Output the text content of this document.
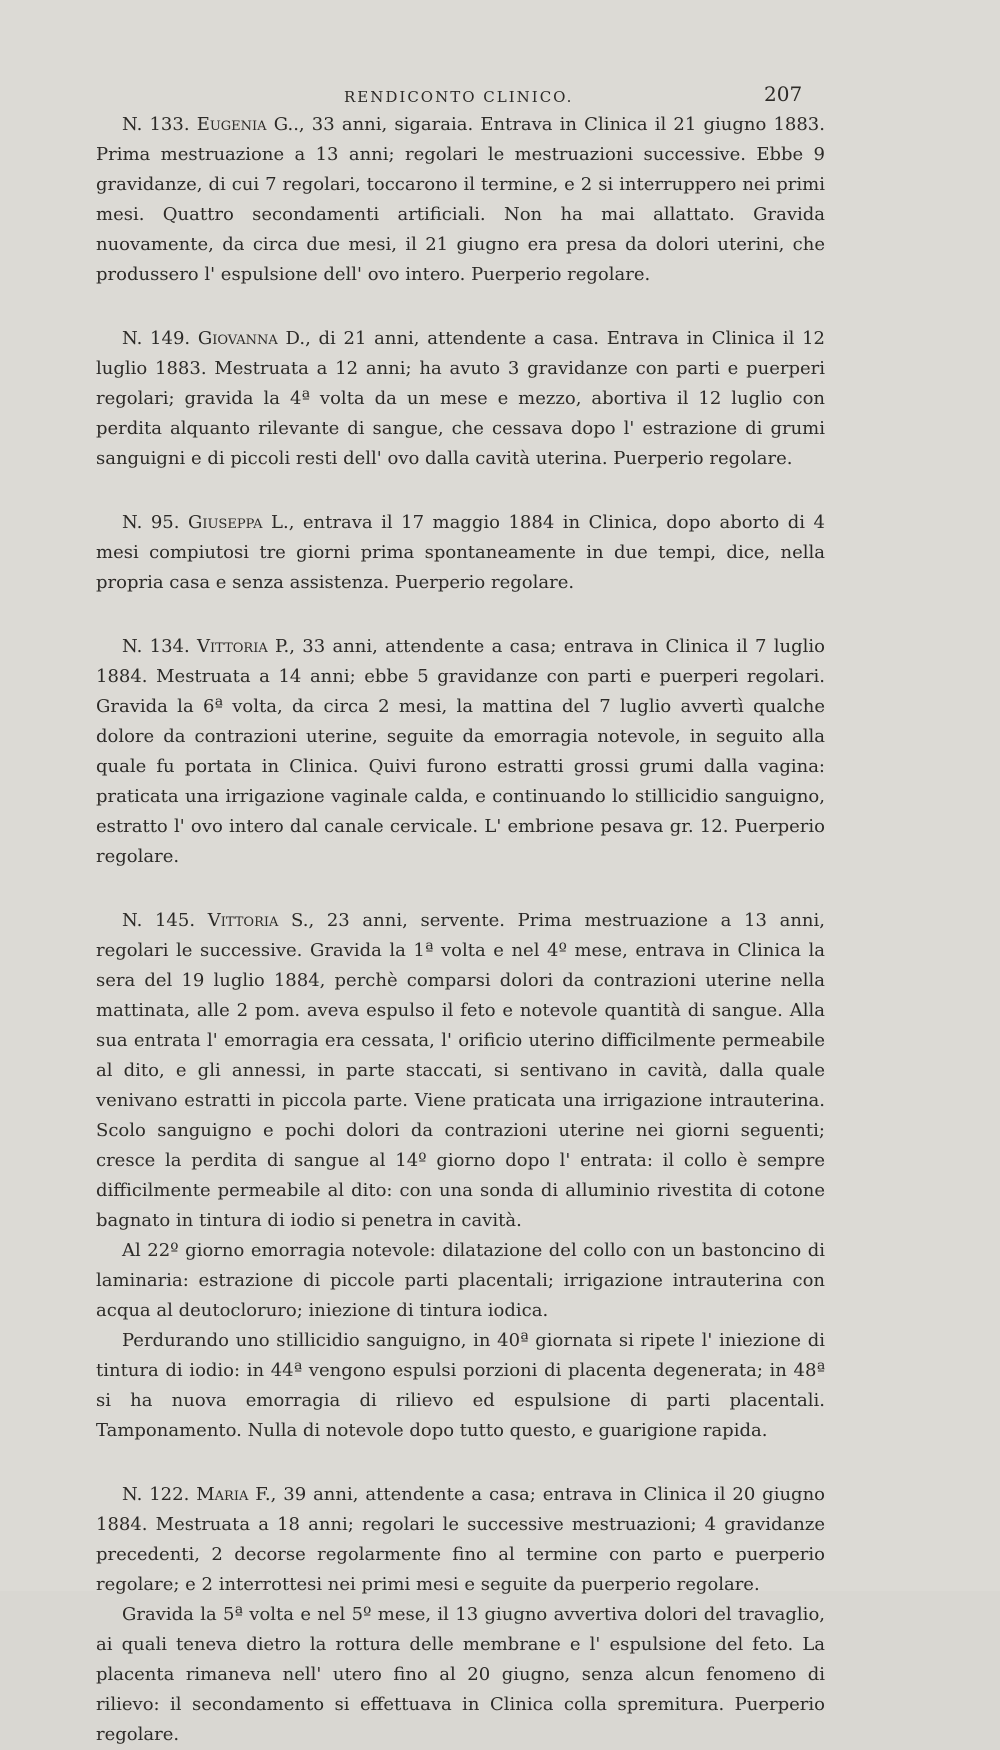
RENDICONTO CLINICO.	207

N. 133. Eugenia G.., 33 anni, sigaraia. Entrava in Clinica il 21 giugno 1883. Prima mestruazione a 13 anni; regolari le mestruazioni successive. Ebbe 9 gravidanze, di cui 7 regolari, toccarono il termine, e 2 si interruppero nei primi mesi. Quattro secondamenti artificiali. Non ha mai allattato. Gravida nuovamente, da circa due mesi, il 21 giugno era presa da dolori uterini, che produssero l' espulsione dell' ovo intero. Puerperio regolare.

N. 149. Giovanna D., di 21 anni, attendente a casa. Entrava in Clinica il 12 luglio 1883. Mestruata a 12 anni; ha avuto 3 gravidanze con parti e puerperi regolari; gravida la 4ª volta da un mese e mezzo, abortiva il 12 luglio con perdita alquanto rilevante di sangue, che cessava dopo l' estrazione di grumi sanguigni e di piccoli resti dell' ovo dalla cavità uterina. Puerperio regolare.

N. 95. Giuseppa L., entrava il 17 maggio 1884 in Clinica, dopo aborto di 4 mesi compiutosi tre giorni prima spontaneamente in due tempi, dice, nella propria casa e senza assistenza. Puerperio regolare.

N. 134. Vittoria P., 33 anni, attendente a casa; entrava in Clinica il 7 luglio 1884. Mestruata a 14 anni; ebbe 5 gravidanze con parti e puerperi regolari. Gravida la 6ª volta, da circa 2 mesi, la mattina del 7 luglio avvertì qualche dolore da contrazioni uterine, seguite da emorragia notevole, in seguito alla quale fu portata in Clinica. Quivi furono estratti grossi grumi dalla vagina: praticata una irrigazione vaginale calda, e continuando lo stillicidio sanguigno, estratto l' ovo intero dal canale cervicale. L' embrione pesava gr. 12. Puerperio regolare.

N. 145. Vittoria S., 23 anni, servente. Prima mestruazione a 13 anni, regolari le successive. Gravida la 1ª volta e nel 4º mese, entrava in Clinica la sera del 19 luglio 1884, perchè comparsi dolori da contrazioni uterine nella mattinata, alle 2 pom. aveva espulso il feto e notevole quantità di sangue. Alla sua entrata l' emorragia era cessata, l' orificio uterino difficilmente permeabile al dito, e gli annessi, in parte staccati, si sentivano in cavità, dalla quale venivano estratti in piccola parte. Viene praticata una irrigazione intrauterina. Scolo sanguigno e pochi dolori da contrazioni uterine nei giorni seguenti; cresce la perdita di sangue al 14º giorno dopo l' entrata: il collo è sempre difficilmente permeabile al dito: con una sonda di alluminio rivestita di cotone bagnato in tintura di iodio si penetra in cavità.

Al 22º giorno emorragia notevole: dilatazione del collo con un bastoncino di laminaria: estrazione di piccole parti placentali; irrigazione intrauterina con acqua al deutocloruro; iniezione di tintura iodica.

Perdurando uno stillicidio sanguigno, in 40ª giornata si ripete l' iniezione di tintura di iodio: in 44ª vengono espulsi porzioni di placenta degenerata; in 48ª si ha nuova emorragia di rilievo ed espulsione di parti placentali. Tamponamento. Nulla di notevole dopo tutto questo, e guarigione rapida.

N. 122. Maria F., 39 anni, attendente a casa; entrava in Clinica il 20 giugno 1884. Mestruata a 18 anni; regolari le successive mestruazioni; 4 gravidanze precedenti, 2 decorse regolarmente fino al termine con parto e puerperio regolare; e 2 interrottesi nei primi mesi e seguite da puerperio regolare.

Gravida la 5ª volta e nel 5º mese, il 13 giugno avvertiva dolori del travaglio, ai quali teneva dietro la rottura delle membrane e l' espulsione del feto. La placenta rimaneva nell' utero fino al 20 giugno, senza alcun fenomeno di rilievo: il secondamento si effettuava in Clinica colla spremitura. Puerperio regolare.
